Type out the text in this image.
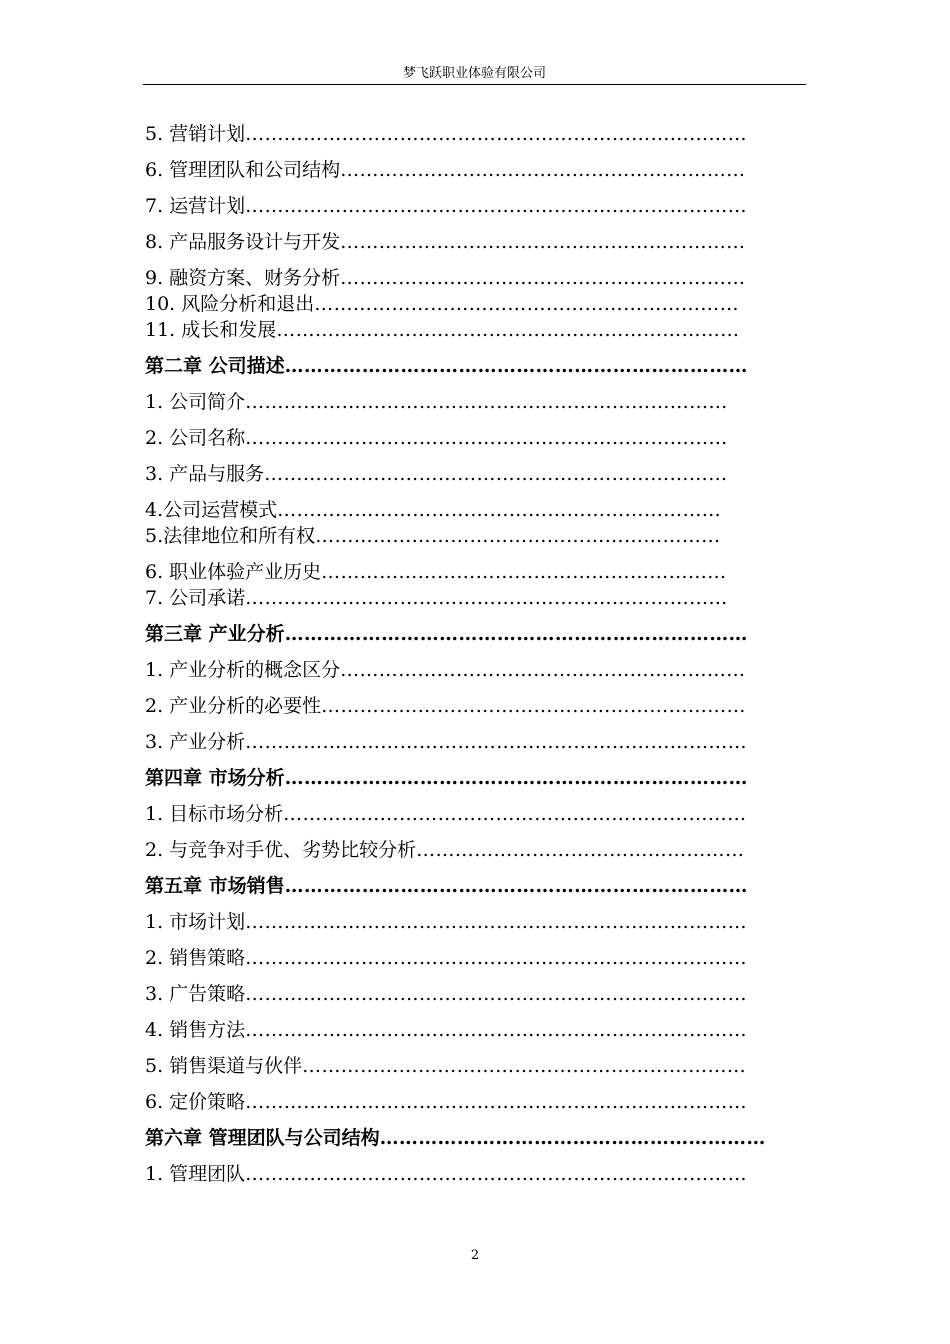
梦飞跃职业体验有限公司
5. 营销计划……………………………………………………………………
6. 管理团队和公司结构………………………………………………………
7. 运营计划……………………………………………………………………
8. 产品服务设计与开发………………………………………………………
9. 融资方案、财务分析………………………………………………………
10. 风险分析和退出…………………………………………………………
11. 成长和发展………………………………………………………………
第二章 公司描述………………………………………………………………
1. 公司简介…………………………………………………………………
2. 公司名称…………………………………………………………………
3. 产品与服务………………………………………………………………
4.公司运营模式……………………………………………………………
5.法律地位和所有权………………………………………………………
6. 职业体验产业历史………………………………………………………
7. 公司承诺…………………………………………………………………
第三章 产业分析………………………………………………………………
1. 产业分析的概念区分………………………………………………………
2. 产业分析的必要性…………………………………………………………
3. 产业分析……………………………………………………………………
第四章 市场分析………………………………………………………………
1. 目标市场分析………………………………………………………………
2. 与竞争对手优、劣势比较分析……………………………………………
第五章 市场销售………………………………………………………………
1. 市场计划……………………………………………………………………
2. 销售策略……………………………………………………………………
3. 广告策略……………………………………………………………………
4. 销售方法……………………………………………………………………
5. 销售渠道与伙伴……………………………………………………………
6. 定价策略……………………………………………………………………
第六章 管理团队与公司结构……………………………………………………
1. 管理团队……………………………………………………………………
2
